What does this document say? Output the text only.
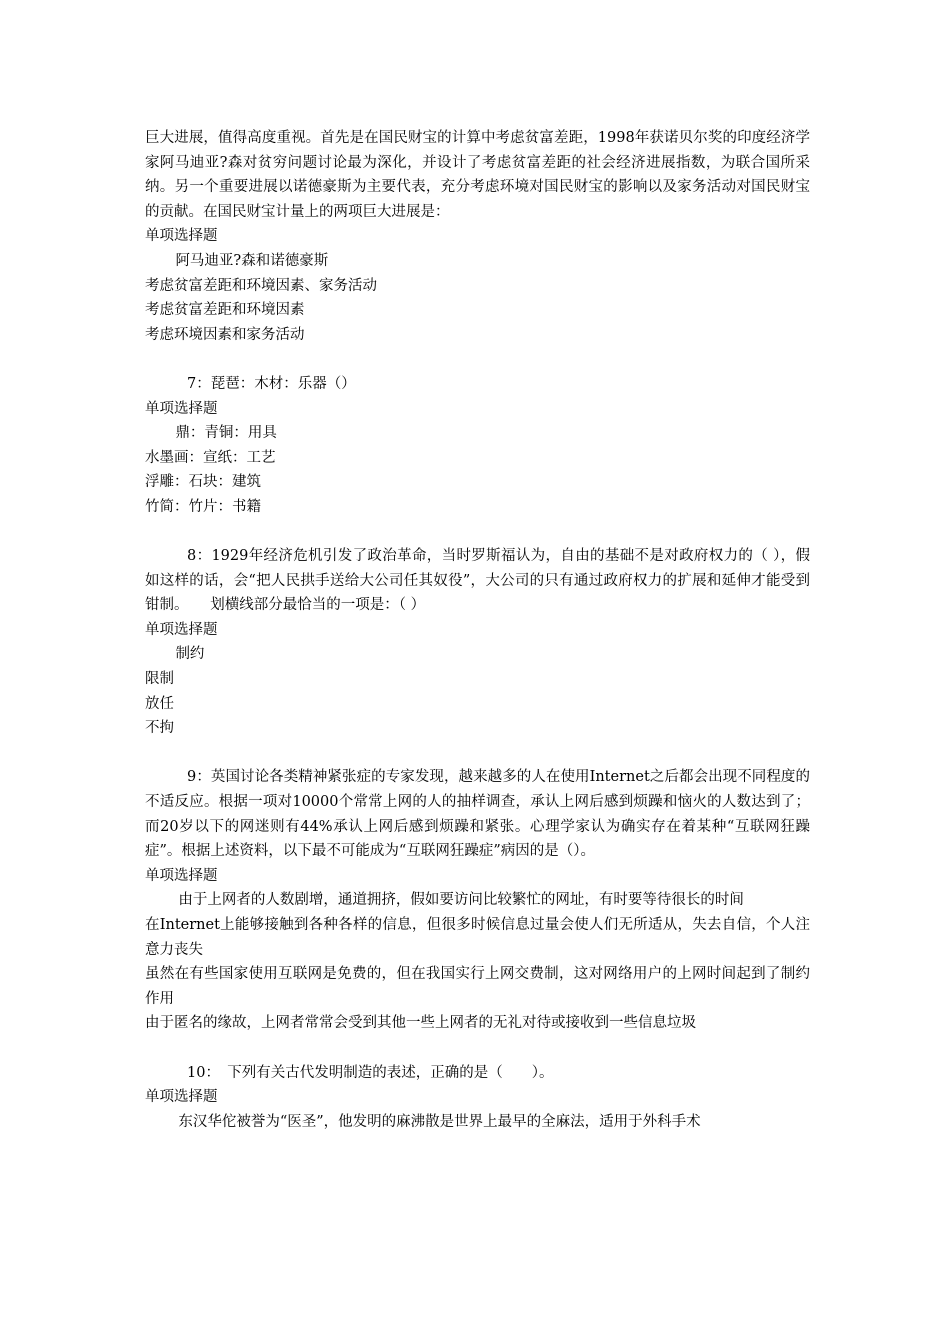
巨大进展，值得高度重视。首先是在国民财宝的计算中考虑贫富差距，1998年获诺贝尔奖的印度经济学家阿马迪亚?森对贫穷问题讨论最为深化，并设计了考虑贫富差距的社会经济进展指数，为联合国所采纳。另一个重要进展以诺德豪斯为主要代表，充分考虑环境对国民财宝的影响以及家务活动对国民财宝的贡献。在国民财宝计量上的两项巨大进展是：
单项选择题
阿马迪亚?森和诺德豪斯
考虑贫富差距和环境因素、家务活动
考虑贫富差距和环境因素
考虑环境因素和家务活动
7：琵琶：木材：乐器（）
单项选择题
鼎：青铜：用具
水墨画：宣纸：工艺
浮雕：石块：建筑
竹简：竹片：书籍
8：1929年经济危机引发了政治革命，当时罗斯福认为，自由的基础不是对政府权力的（ ），假如这样的话，会“把人民拱手送给大公司任其奴役”，大公司的只有通过政府权力的扩展和延伸才能受到钳制。　　划横线部分最恰当的一项是：（ ）
单项选择题
制约
限制
放任
不拘
9：英国讨论各类精神紧张症的专家发现，越来越多的人在使用Internet之后都会出现不同程度的不适反应。根据一项对10000个常常上网的人的抽样调查，承认上网后感到烦躁和恼火的人数达到了；而20岁以下的网迷则有44%承认上网后感到烦躁和紧张。心理学家认为确实存在着某种“互联网狂躁症”。根据上述资料，以下最不可能成为“互联网狂躁症”病因的是（）。
单项选择题
由于上网者的人数剧增，通道拥挤，假如要访问比较繁忙的网址，有时要等待很长的时间
在Internet上能够接触到各种各样的信息，但很多时候信息过量会使人们无所适从，失去自信，个人注意力丧失
虽然在有些国家使用互联网是免费的，但在我国实行上网交费制，这对网络用户的上网时间起到了制约作用
由于匿名的缘故，上网者常常会受到其他一些上网者的无礼对待或接收到一些信息垃圾
10：　下列有关古代发明制造的表述，正确的是（　　）。
单项选择题
东汉华佗被誉为“医圣”，他发明的麻沸散是世界上最早的全麻法，适用于外科手术
